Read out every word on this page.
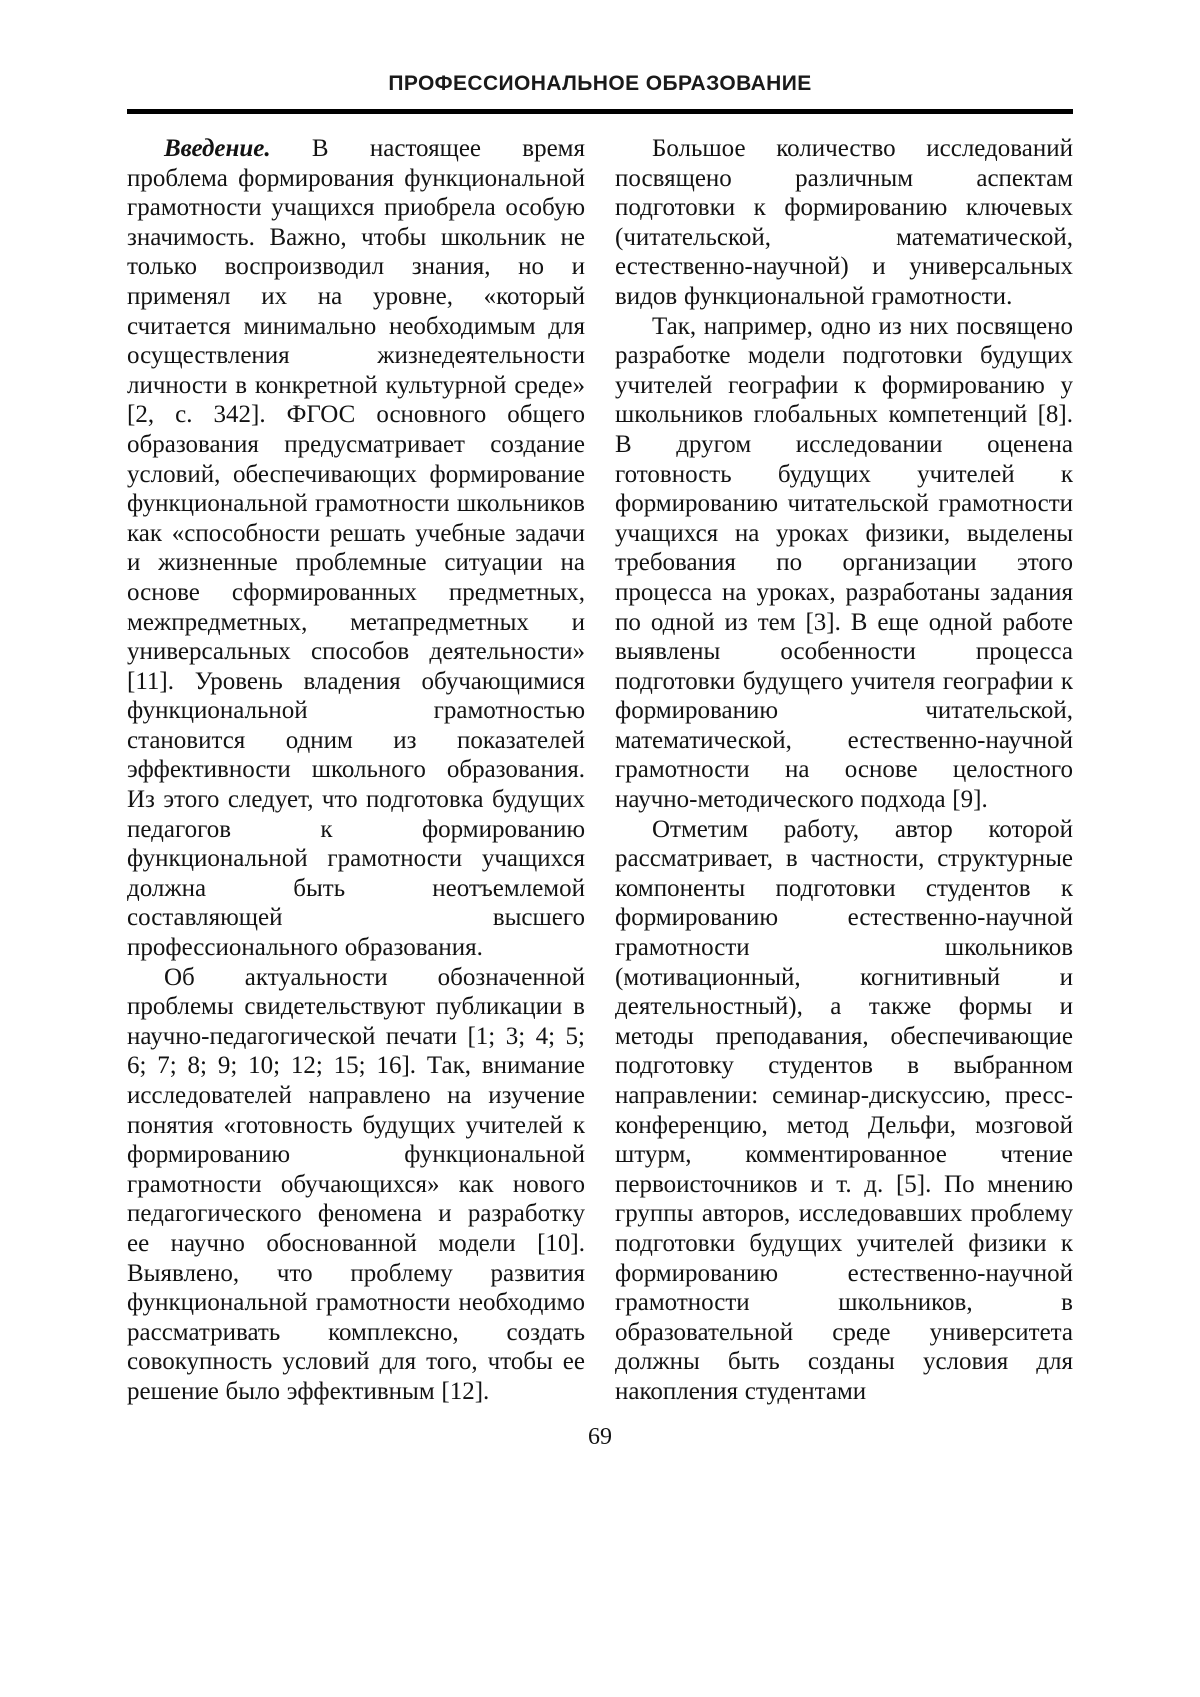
ПРОФЕССИОНАЛЬНОЕ ОБРАЗОВАНИЕ

Введение. В настоящее время проблема формирования функциональной грамотности учащихся приобрела особую значимость. Важно, чтобы школьник не только воспроизводил знания, но и применял их на уровне, «который считается минимально необходимым для осуществления жизнедеятельности личности в конкретной культурной среде» [2, с. 342]. ФГОС основного общего образования предусматривает создание условий, обеспечивающих формирование функциональной грамотности школьников как «способности решать учебные задачи и жизненные проблемные ситуации на основе сформированных предметных, межпредметных, метапредметных и универсальных способов деятельности» [11]. Уровень владения обучающимися функциональной грамотностью становится одним из показателей эффективности школьного образования. Из этого следует, что подготовка будущих педагогов к формированию функциональной грамотности учащихся должна быть неотъемлемой составляющей высшего профессионального образования.

Об актуальности обозначенной проблемы свидетельствуют публикации в научно-педагогической печати [1; 3; 4; 5; 6; 7; 8; 9; 10; 12; 15; 16]. Так, внимание исследователей направлено на изучение понятия «готовность будущих учителей к формированию функциональной грамотности обучающихся» как нового педагогического феномена и разработку ее научно обоснованной модели [10]. Выявлено, что проблему развития функциональной грамотности необходимо рассматривать комплексно, создать совокупность условий для того, чтобы ее решение было эффективным [12].

Большое количество исследований посвящено различным аспектам подготовки к формированию ключевых (читательской, математической, естественно-научной) и универсальных видов функциональной грамотности.

Так, например, одно из них посвящено разработке модели подготовки будущих учителей географии к формированию у школьников глобальных компетенций [8]. В другом исследовании оценена готовность будущих учителей к формированию читательской грамотности учащихся на уроках физики, выделены требования по организации этого процесса на уроках, разработаны задания по одной из тем [3]. В еще одной работе выявлены особенности процесса подготовки будущего учителя географии к формированию читательской, математической, естественно-научной грамотности на основе целостного научно-методического подхода [9].

Отметим работу, автор которой рассматривает, в частности, структурные компоненты подготовки студентов к формированию естественно-научной грамотности школьников (мотивационный, когнитивный и деятельностный), а также формы и методы преподавания, обеспечивающие подготовку студентов в выбранном направлении: семинар-дискуссию, пресс-конференцию, метод Дельфи, мозговой штурм, комментированное чтение первоисточников и т. д. [5]. По мнению группы авторов, исследовавших проблему подготовки будущих учителей физики к формированию естественно-научной грамотности школьников, в образовательной среде университета должны быть созданы условия для накопления студентами

69
